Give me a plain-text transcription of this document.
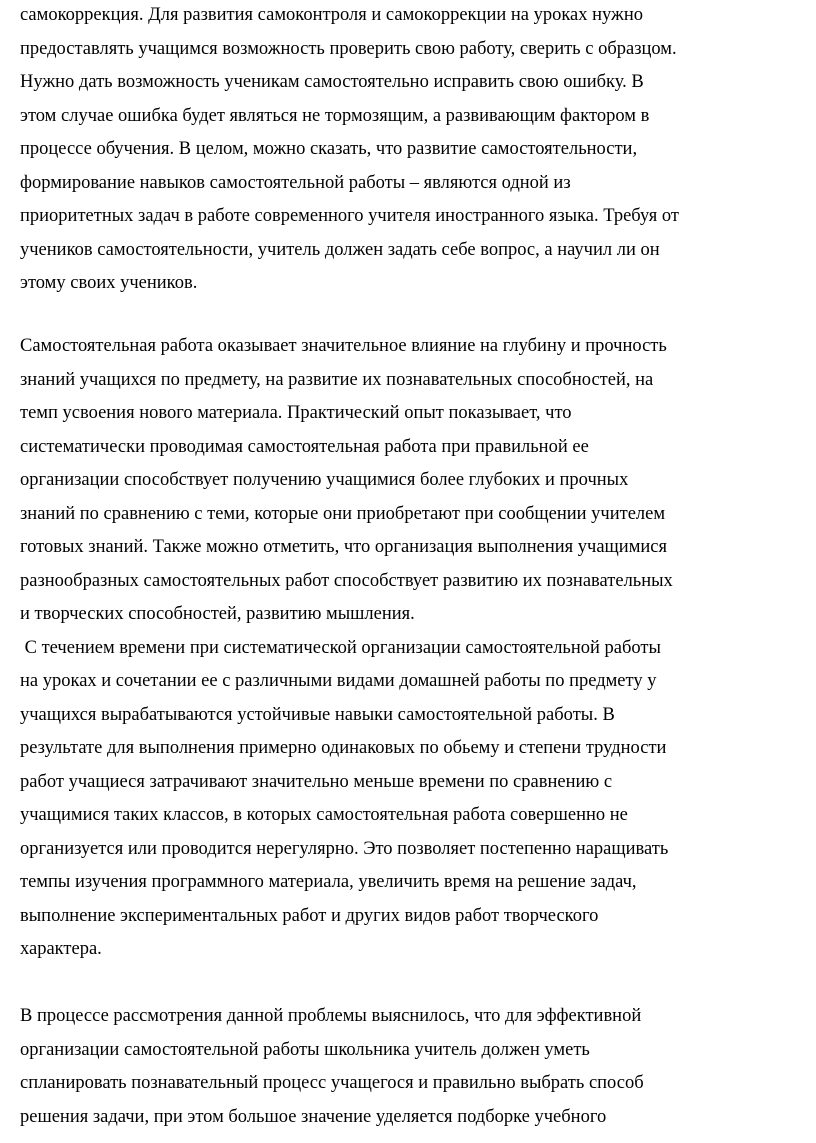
самокоррекция. Для развития самоконтроля и самокоррекции на уроках нужно
предоставлять учащимся возможность проверить свою работу, сверить с образцом.
Нужно дать возможность ученикам самостоятельно исправить свою ошибку. В
этом случае ошибка будет являться не тормозящим, а развивающим фактором в
процессе обучения. В целом, можно сказать, что развитие самостоятельности,
формирование навыков самостоятельной работы – являются одной из
приоритетных задач в работе современного учителя иностранного языка. Требуя от
учеников самостоятельности, учитель должен задать себе вопрос, а научил ли он
этому своих учеников.
Самостоятельная работа оказывает значительное влияние на глубину и прочность
знаний учащихся по предмету, на развитие их познавательных способностей, на
темп усвоения нового материала. Практический опыт показывает, что
систематически проводимая самостоятельная работа при правильной ее
организации способствует получению учащимися более глубоких и прочных
знаний по сравнению с теми, которые они приобретают при сообщении учителем
готовых знаний. Также можно отметить, что организация выполнения учащимися
разнообразных самостоятельных работ способствует развитию их познавательных
и творческих способностей, развитию мышления.
С течением времени при систематической организации самостоятельной работы
на уроках и сочетании ее с различными видами домашней работы по предмету у
учащихся вырабатываются устойчивые навыки самостоятельной работы. В
результате для выполнения примерно одинаковых по обьему и степени трудности
работ учащиеся затрачивают значительно меньше времени по сравнению с
учащимися таких классов, в которых самостоятельная работа совершенно не
организуется или проводится нерегулярно. Это позволяет постепенно наращивать
темпы изучения программного материала, увеличить время на решение задач,
выполнение экспериментальных работ и других видов работ творческого
характера.
В процессе рассмотрения данной проблемы выяснилось, что для эффективной
организации самостоятельной работы школьника учитель должен уметь
спланировать познавательный процесс учащегося и правильно выбрать способ
решения задачи, при этом большое значение уделяется подборке учебного
